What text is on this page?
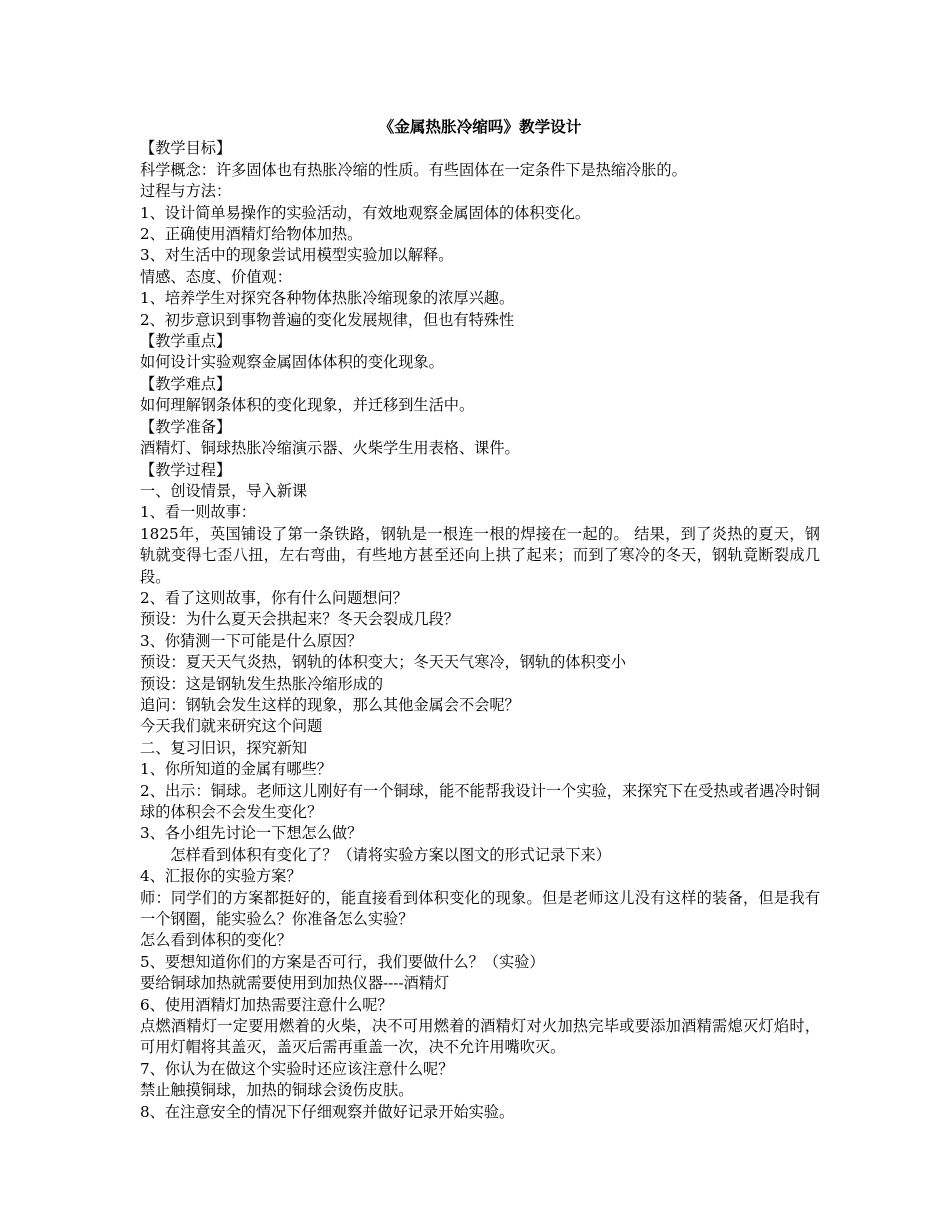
《金属热胀冷缩吗》教学设计

【教学目标】

科学概念：许多固体也有热胀冷缩的性质。有些固体在一定条件下是热缩冷胀的。

过程与方法：

1、设计简单易操作的实验活动，有效地观察金属固体的体积变化。

2、正确使用酒精灯给物体加热。

3、对生活中的现象尝试用模型实验加以解释。

情感、态度、价值观：

1、培养学生对探究各种物体热胀冷缩现象的浓厚兴趣。

2、初步意识到事物普遍的变化发展规律，但也有特殊性

【教学重点】

如何设计实验观察金属固体体积的变化现象。

【教学难点】

如何理解钢条体积的变化现象，并迁移到生活中。

【教学准备】

酒精灯、铜球热胀冷缩演示器、火柴学生用表格、课件。

【教学过程】

一、创设情景，导入新课

1、看一则故事：

1825年，英国铺设了第一条铁路，钢轨是一根连一根的焊接在一起的。 结果，到了炎热的夏天，钢轨就变得七歪八扭，左右弯曲，有些地方甚至还向上拱了起来；而到了寒冷的冬天，钢轨竟断裂成几段。

2、看了这则故事，你有什么问题想问？

预设：为什么夏天会拱起来？冬天会裂成几段？

3、你猜测一下可能是什么原因？

预设：夏天天气炎热，钢轨的体积变大；冬天天气寒冷，钢轨的体积变小

预设：这是钢轨发生热胀冷缩形成的

追问：钢轨会发生这样的现象，那么其他金属会不会呢？

今天我们就来研究这个问题

二、复习旧识，探究新知

1、你所知道的金属有哪些？

2、出示：铜球。老师这儿刚好有一个铜球，能不能帮我设计一个实验，来探究下在受热或者遇冷时铜球的体积会不会发生变化？

3、各小组先讨论一下想怎么做？

怎样看到体积有变化了？（请将实验方案以图文的形式记录下来）

4、汇报你的实验方案？

师：同学们的方案都挺好的，能直接看到体积变化的现象。但是老师这儿没有这样的装备，但是我有一个钢圈，能实验么？你准备怎么实验？

怎么看到体积的变化？

5、要想知道你们的方案是否可行，我们要做什么？（实验）

要给铜球加热就需要使用到加热仪器----酒精灯

6、使用酒精灯加热需要注意什么呢？

点燃酒精灯一定要用燃着的火柴，决不可用燃着的酒精灯对火加热完毕或要添加酒精需熄灭灯焰时，可用灯帽将其盖灭，盖灭后需再重盖一次，决不允许用嘴吹灭。

7、你认为在做这个实验时还应该注意什么呢？

禁止触摸铜球，加热的铜球会烫伤皮肤。

8、在注意安全的情况下仔细观察并做好记录开始实验。
